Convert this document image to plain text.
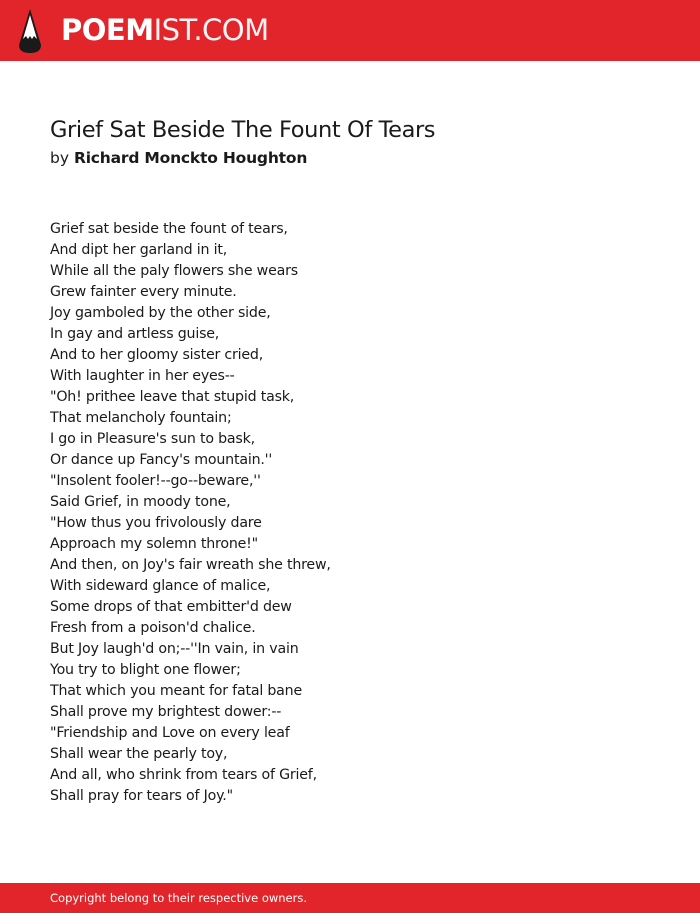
POEMIST.COM
Grief Sat Beside The Fount Of Tears
by Richard Monckto Houghton
Grief sat beside the fount of tears,
And dipt her garland in it,
While all the paly flowers she wears
Grew fainter every minute.
Joy gamboled by the other side,
In gay and artless guise,
And to her gloomy sister cried,
With laughter in her eyes--
"Oh! prithee leave that stupid task,
That melancholy fountain;
I go in Pleasure's sun to bask,
Or dance up Fancy's mountain.''
"Insolent fooler!--go--beware,''
Said Grief, in moody tone,
"How thus you frivolously dare
Approach my solemn throne!"
And then, on Joy's fair wreath she threw,
With sideward glance of malice,
Some drops of that embitter'd dew
Fresh from a poison'd chalice.
But Joy laugh'd on;--''In vain, in vain
You try to blight one flower;
That which you meant for fatal bane
Shall prove my brightest dower:--
"Friendship and Love on every leaf
Shall wear the pearly toy,
And all, who shrink from tears of Grief,
Shall pray for tears of Joy."
Copyright belong to their respective owners.
